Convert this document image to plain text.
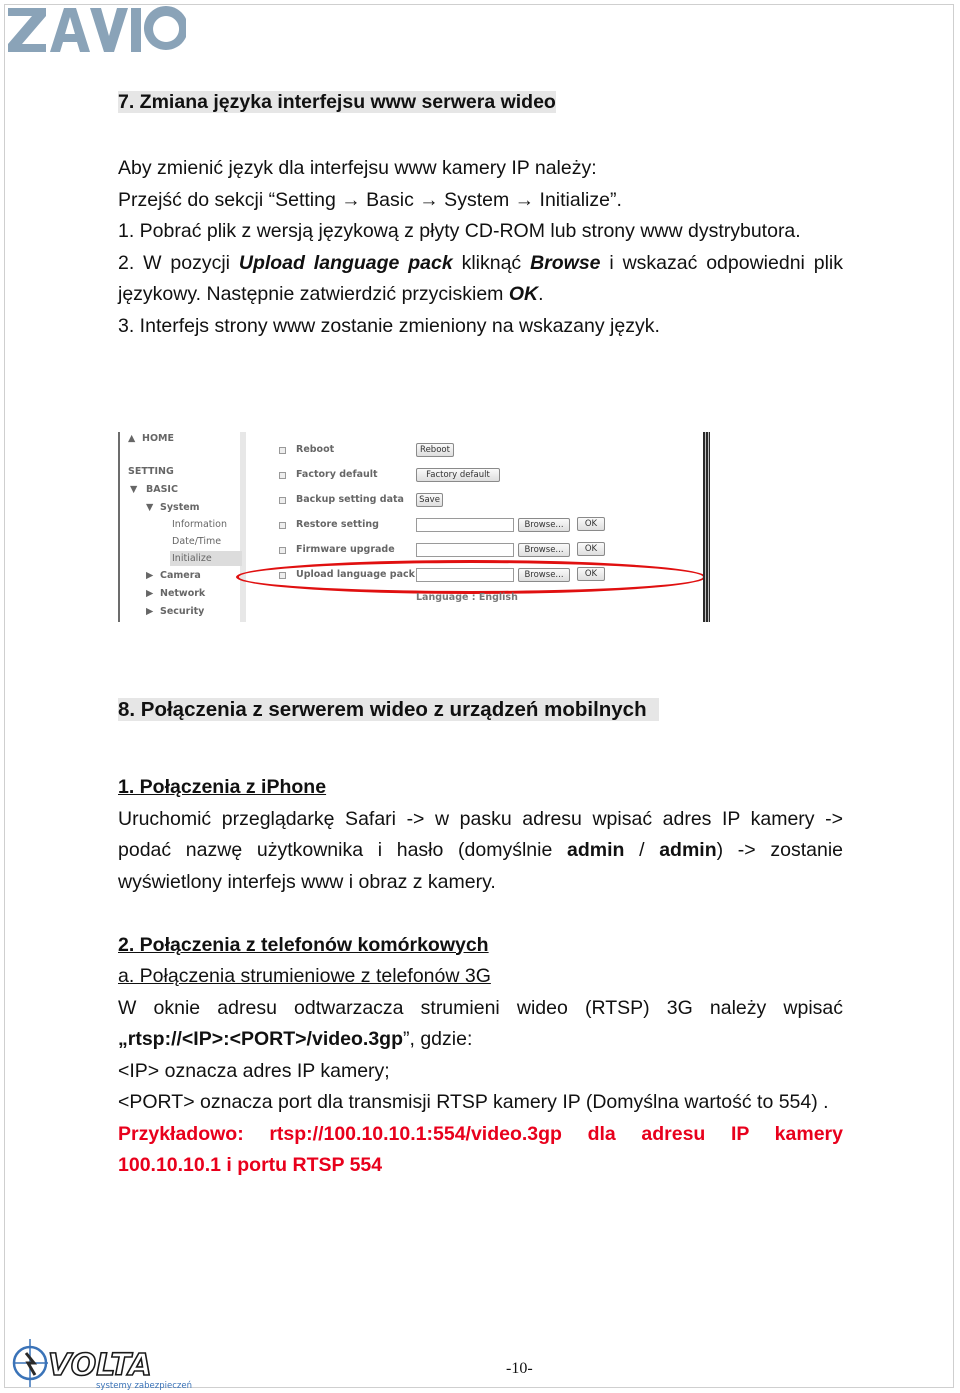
7. Zmiana języka interfejsu www serwera wideo

Aby zmienić język dla interfejsu www kamery IP należy:

Przejść do sekcji “Setting → Basic → System → Initialize”.

1. Pobrać plik z wersją językową z płyty CD-ROM lub strony www dystrybutora.

2. W pozycji Upload language pack kliknąć Browse i wskazać odpowiedni plik językowy. Następnie zatwierdzić przyciskiem OK.

3. Interfejs strony www zostanie zmieniony na wskazany język.

▲ HOME
SETTING
▼ BASIC
▼ System
Information
Date/Time
Initialize
▶ Camera
▶ Network
▶ Security
Reboot	Reboot
Factory default	Factory default
Backup setting data	Save
Restore setting	Browse...	OK
Firmware upgrade	Browse...	OK
Upload language pack	Browse...	OK
Language : English
8. Połączenia z serwerem wideo z urządzeń mobilnych

1. Połączenia z iPhone

Uruchomić przeglądarkę Safari -> w pasku adresu wpisać adres IP kamery -> podać nazwę użytkownika i hasło (domyślnie admin / admin) -> zostanie wyświetlony interfejs www i obraz z kamery.

2. Połączenia z telefonów komórkowych

a. Połączenia strumieniowe z telefonów 3G

W oknie adresu odtwarzacza strumieni wideo (RTSP) 3G należy wpisać „rtsp://<IP>:<PORT>/video.3gp”, gdzie:

<IP> oznacza adres IP kamery;

<PORT> oznacza port dla transmisji RTSP kamery IP (Domyślna wartość to 554) .

Przykładowo: rtsp://100.10.10.1:554/video.3gp dla adresu IP kamery 100.10.10.1 i portu RTSP 554

VOLTA
systemy zabezpieczeń
-10-
